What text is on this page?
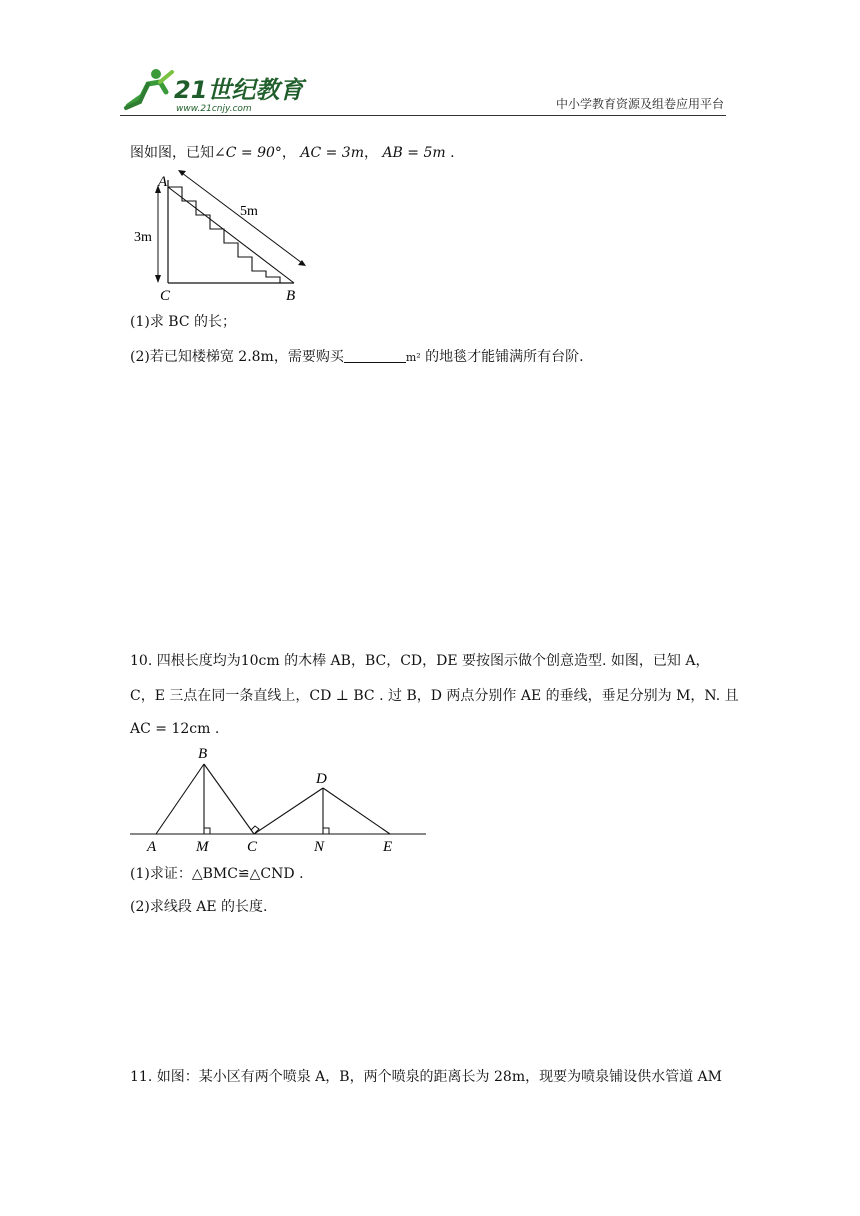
21世纪教育
www.21cnjy.com	中小学教育资源及组卷应用平台
图如图，已知∠C = 90°， AC = 3m， AB = 5m .
A
C	B
3m
5m
(1)求 BC 的长；
(2)若已知楼梯宽 2.8m，需要购买	m² 的地毯才能铺满所有台阶.
10. 四根长度均为10cm 的木棒 AB，BC，CD，DE 要按图示做个创意造型. 如图，已知 A，
C，E 三点在同一条直线上，CD ⊥ BC . 过 B，D 两点分别作 AE 的垂线，垂足分别为 M，N. 且
AC = 12cm .
B
D
A	M	C	N	E
(1)求证：△BMC≌△CND .
(2)求线段 AE 的长度.
11. 如图：某小区有两个喷泉 A，B，两个喷泉的距离长为 28m，现要为喷泉铺设供水管道 AM
